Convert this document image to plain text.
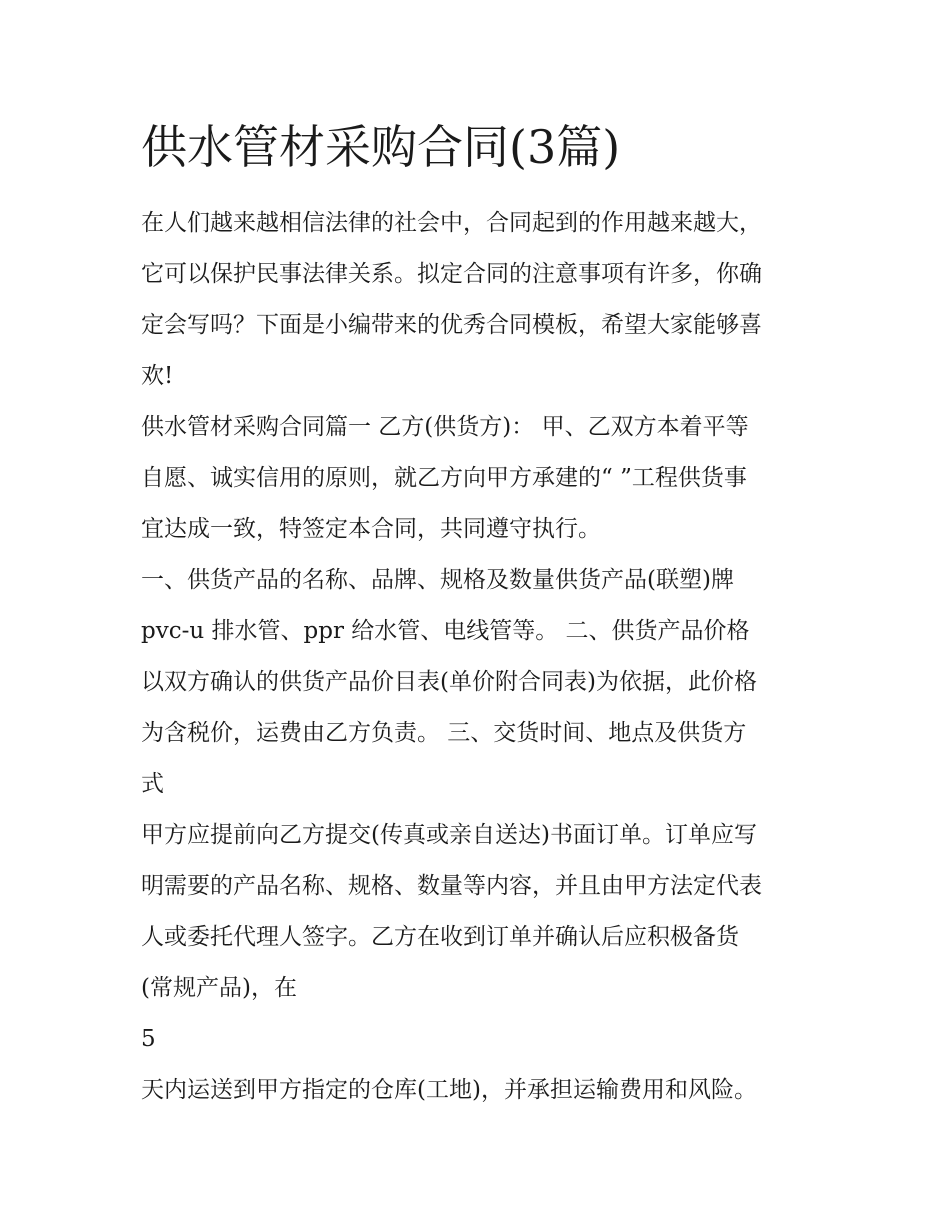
供水管材采购合同(3篇)
在人们越来越相信法律的社会中，合同起到的作用越来越大，
它可以保护民事法律关系。拟定合同的注意事项有许多，你确
定会写吗？下面是小编带来的优秀合同模板，希望大家能够喜
欢!
供水管材采购合同篇一 乙方(供货方)： 甲、乙双方本着平等
自愿、诚实信用的原则，就乙方向甲方承建的“ ”工程供货事
宜达成一致，特签定本合同，共同遵守执行。
一、供货产品的名称、品牌、规格及数量供货产品(联塑)牌
pvc-u 排水管、ppr 给水管、电线管等。 二、供货产品价格
以双方确认的供货产品价目表(单价附合同表)为依据，此价格
为含税价，运费由乙方负责。 三、交货时间、地点及供货方
式
甲方应提前向乙方提交(传真或亲自送达)书面订单。订单应写
明需要的产品名称、规格、数量等内容，并且由甲方法定代表
人或委托代理人签字。乙方在收到订单并确认后应积极备货
(常规产品)，在
5
天内运送到甲方指定的仓库(工地)，并承担运输费用和风险。
